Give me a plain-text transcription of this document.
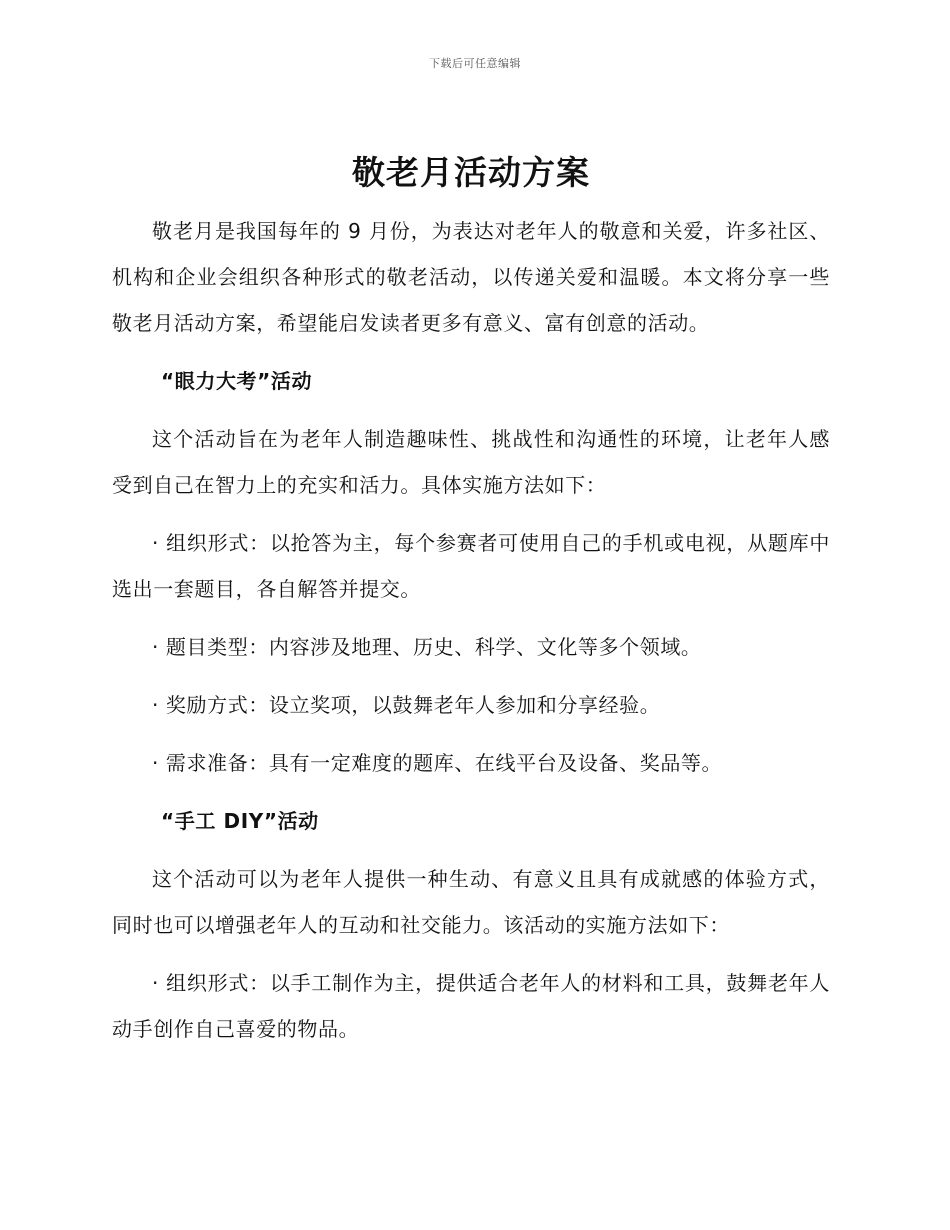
下载后可任意编辑
敬老月活动方案

敬老月是我国每年的 9 月份，为表达对老年人的敬意和关爱，许多社区、机构和企业会组织各种形式的敬老活动，以传递关爱和温暖。本文将分享一些敬老月活动方案，希望能启发读者更多有意义、富有创意的活动。

“眼力大考”活动

这个活动旨在为老年人制造趣味性、挑战性和沟通性的环境，让老年人感受到自己在智力上的充实和活力。具体实施方法如下：

· 组织形式：以抢答为主，每个参赛者可使用自己的手机或电视，从题库中选出一套题目，各自解答并提交。

· 题目类型：内容涉及地理、历史、科学、文化等多个领域。

· 奖励方式：设立奖项，以鼓舞老年人参加和分享经验。

· 需求准备：具有一定难度的题库、在线平台及设备、奖品等。

“手工 DIY”活动

这个活动可以为老年人提供一种生动、有意义且具有成就感的体验方式，同时也可以增强老年人的互动和社交能力。该活动的实施方法如下：

· 组织形式：以手工制作为主，提供适合老年人的材料和工具，鼓舞老年人动手创作自己喜爱的物品。
